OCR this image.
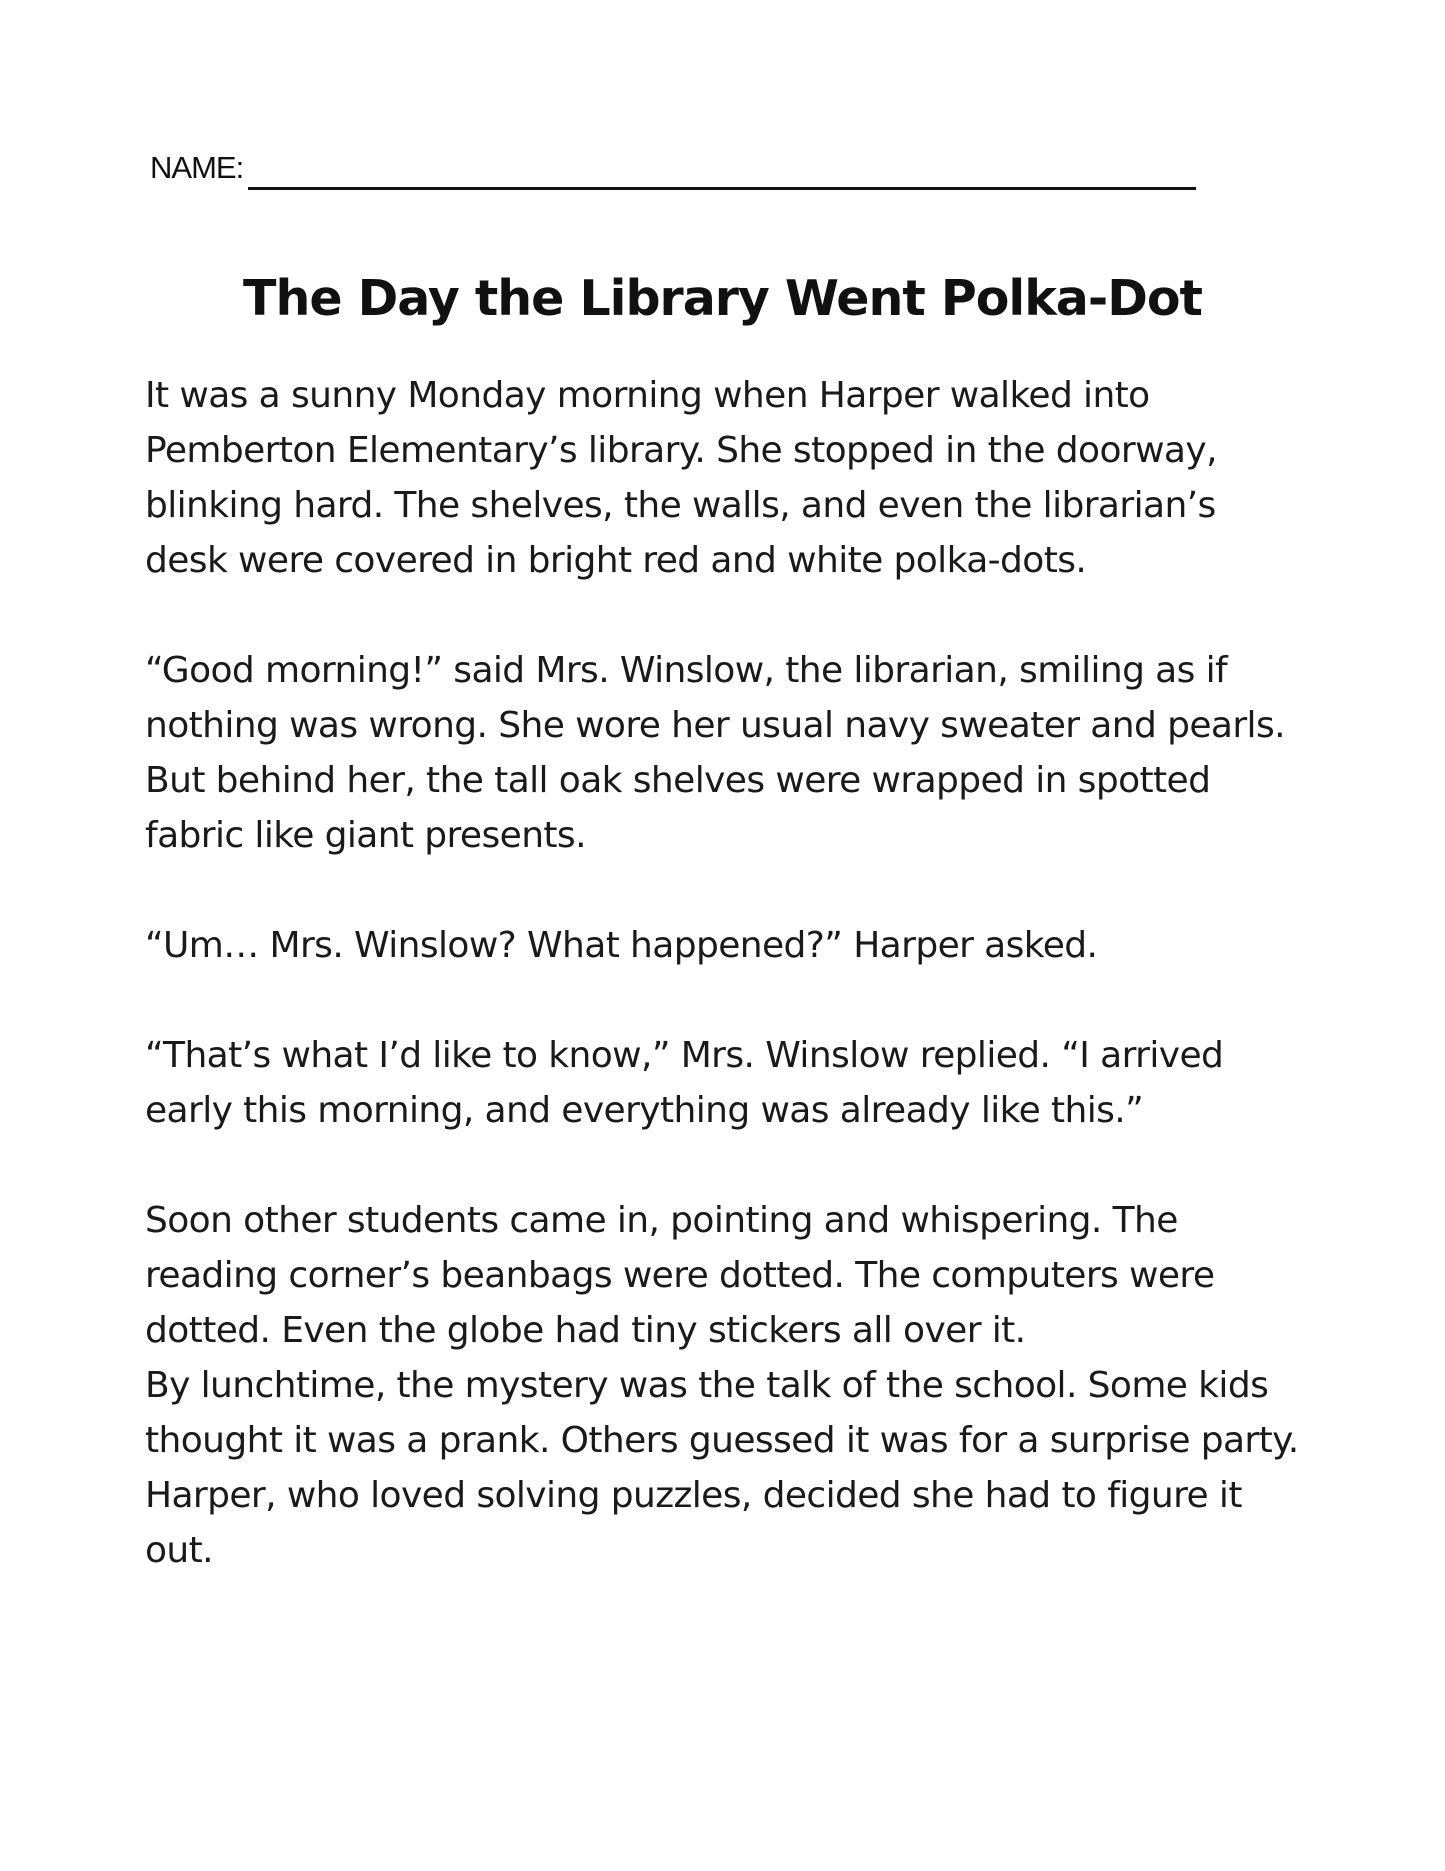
NAME:
The Day the Library Went Polka-Dot

It was a sunny Monday morning when Harper walked into Pemberton Elementary’s library. She stopped in the doorway, blinking hard. The shelves, the walls, and even the librarian’s desk were covered in bright red and white polka-dots.

“Good morning!” said Mrs. Winslow, the librarian, smiling as if nothing was wrong. She wore her usual navy sweater and pearls. But behind her, the tall oak shelves were wrapped in spotted fabric like giant presents.

“Um… Mrs. Winslow? What happened?” Harper asked.

“That’s what I’d like to know,” Mrs. Winslow replied. “I arrived early this morning, and everything was already like this.”

Soon other students came in, pointing and whispering. The reading corner’s beanbags were dotted. The computers were dotted. Even the globe had tiny stickers all over it.

By lunchtime, the mystery was the talk of the school. Some kids thought it was a prank. Others guessed it was for a surprise party. Harper, who loved solving puzzles, decided she had to figure it out.
